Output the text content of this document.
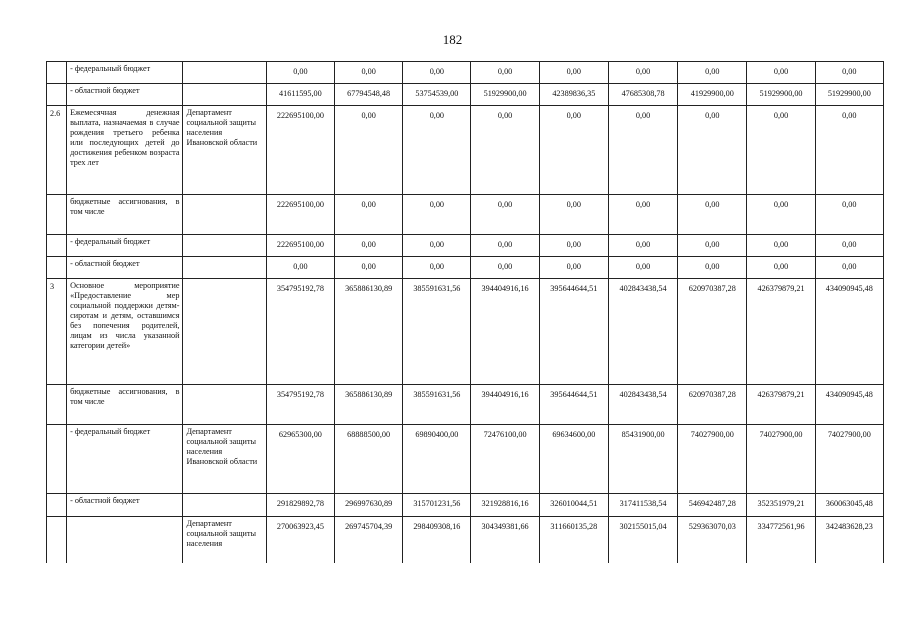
182
	- федеральный бюджет		0,00	0,00	0,00	0,00	0,00	0,00	0,00	0,00	0,00
	- областной бюджет		41611595,00	67794548,48	53754539,00	51929900,00	42389836,35	47685308,78	41929900,00	51929900,00	51929900,00
2.6	Ежемесячная денежная выплата, назначаемая в случае рождения третьего ребенка или последующих детей до достижения ребенком возраста трех лет	Департамент социальной защиты населения Ивановской области	222695100,00	0,00	0,00	0,00	0,00	0,00	0,00	0,00	0,00
	бюджетные ассигнования, в том числе		222695100,00	0,00	0,00	0,00	0,00	0,00	0,00	0,00	0,00
	- федеральный бюджет		222695100,00	0,00	0,00	0,00	0,00	0,00	0,00	0,00	0,00
	- областной бюджет		0,00	0,00	0,00	0,00	0,00	0,00	0,00	0,00	0,00
3	Основное мероприятие «Предоставление мер социальной поддержки детям-сиротам и детям, оставшимся без попечения родителей, лицам из числа указанной категории детей»		354795192,78	365886130,89	385591631,56	394404916,16	395644644,51	402843438,54	620970387,28	426379879,21	434090945,48
	бюджетные ассигнования, в том числе		354795192,78	365886130,89	385591631,56	394404916,16	395644644,51	402843438,54	620970387,28	426379879,21	434090945,48
	- федеральный бюджет	Департамент социальной защиты населения Ивановской области	62965300,00	68888500,00	69890400,00	72476100,00	69634600,00	85431900,00	74027900,00	74027900,00	74027900,00
	- областной бюджет		291829892,78	296997630,89	315701231,56	321928816,16	326010044,51	317411538,54	546942487,28	352351979,21	360063045,48
		Департамент социальной защиты населения	270063923,45	269745704,39	298409308,16	304349381,66	311660135,28	302155015,04	529363070,03	334772561,96	342483628,23
